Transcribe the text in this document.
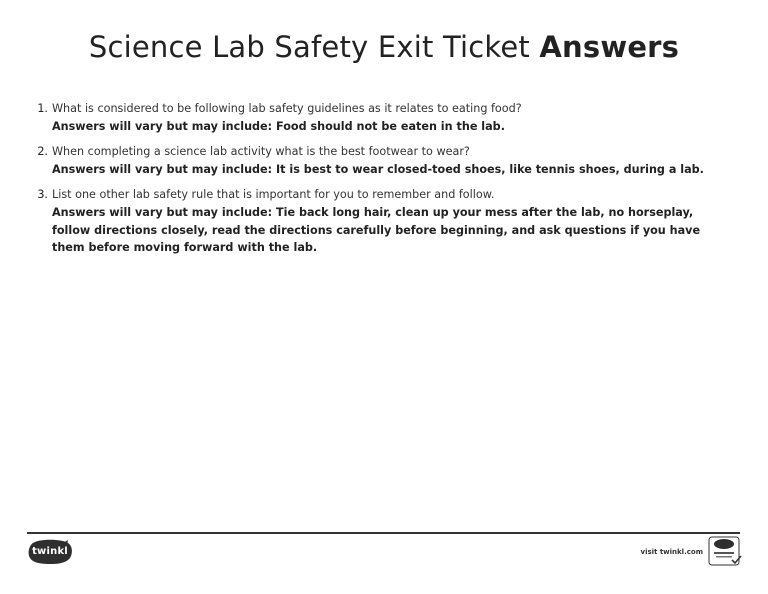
Science Lab Safety Exit Ticket Answers
1. What is considered to be following lab safety guidelines as it relates to eating food?
Answers will vary but may include: Food should not be eaten in the lab.
2. When completing a science lab activity what is the best footwear to wear?
Answers will vary but may include: It is best to wear closed-toed shoes, like tennis shoes, during a lab.
3. List one other lab safety rule that is important for you to remember and follow.
Answers will vary but may include: Tie back long hair, clean up your mess after the lab, no horseplay, follow directions closely, read the directions carefully before beginning, and ask questions if you have them before moving forward with the lab.
twinkl	visit twinkl.com
